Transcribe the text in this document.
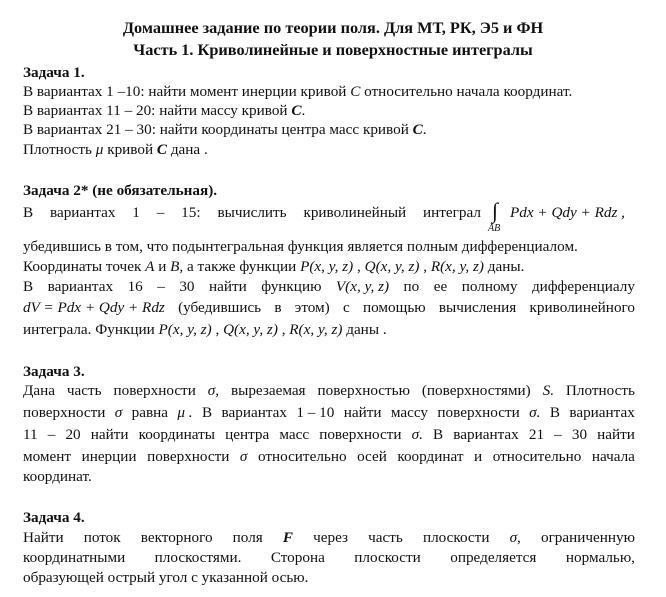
Домашнее задание по теории поля. Для МТ, РК, Э5 и ФН
Часть 1. Криволинейные и поверхностные интегралы
Задача 1.
В вариантах 1 –10: найти момент инерции кривой C относительно начала координат.
В вариантах 11 – 20: найти массу кривой C.
В вариантах 21 – 30: найти координаты центра масс кривой C.
Плотность μ кривой C дана .
Задача 2* (не обязательная).
В вариантах 1 – 15: вычислить криволинейный интеграл ∫
AB
Pdx + Qdy + Rdz ,
убедившись в том, что подынтегральная функция является полным дифференциалом.
Координаты точек A и B, а также функции P(x, y, z) , Q(x, y, z) , R(x, y, z) даны.
В вариантах 16 – 30 найти функцию V(x, y, z) по ее полному дифференциалу
dV = Pdx + Qdy + Rdz (убедившись в этом) с помощью вычисления криволинейного
интеграла. Функции P(x, y, z) , Q(x, y, z) , R(x, y, z) даны .
Задача 3.
Дана часть поверхности σ, вырезаемая поверхностью (поверхностями) S. Плотность
поверхности σ равна μ . В вариантах 1 – 10 найти массу поверхности σ. В вариантах
11 – 20 найти координаты центра масс поверхности σ. В вариантах 21 – 30 найти
момент инерции поверхности σ относительно осей координат и относительно начала
координат.
Задача 4.
Найти поток векторного поля F через часть плоскости σ, ограниченную
координатными плоскостями. Сторона плоскости определяется нормалью,
образующей острый угол с указанной осью.
